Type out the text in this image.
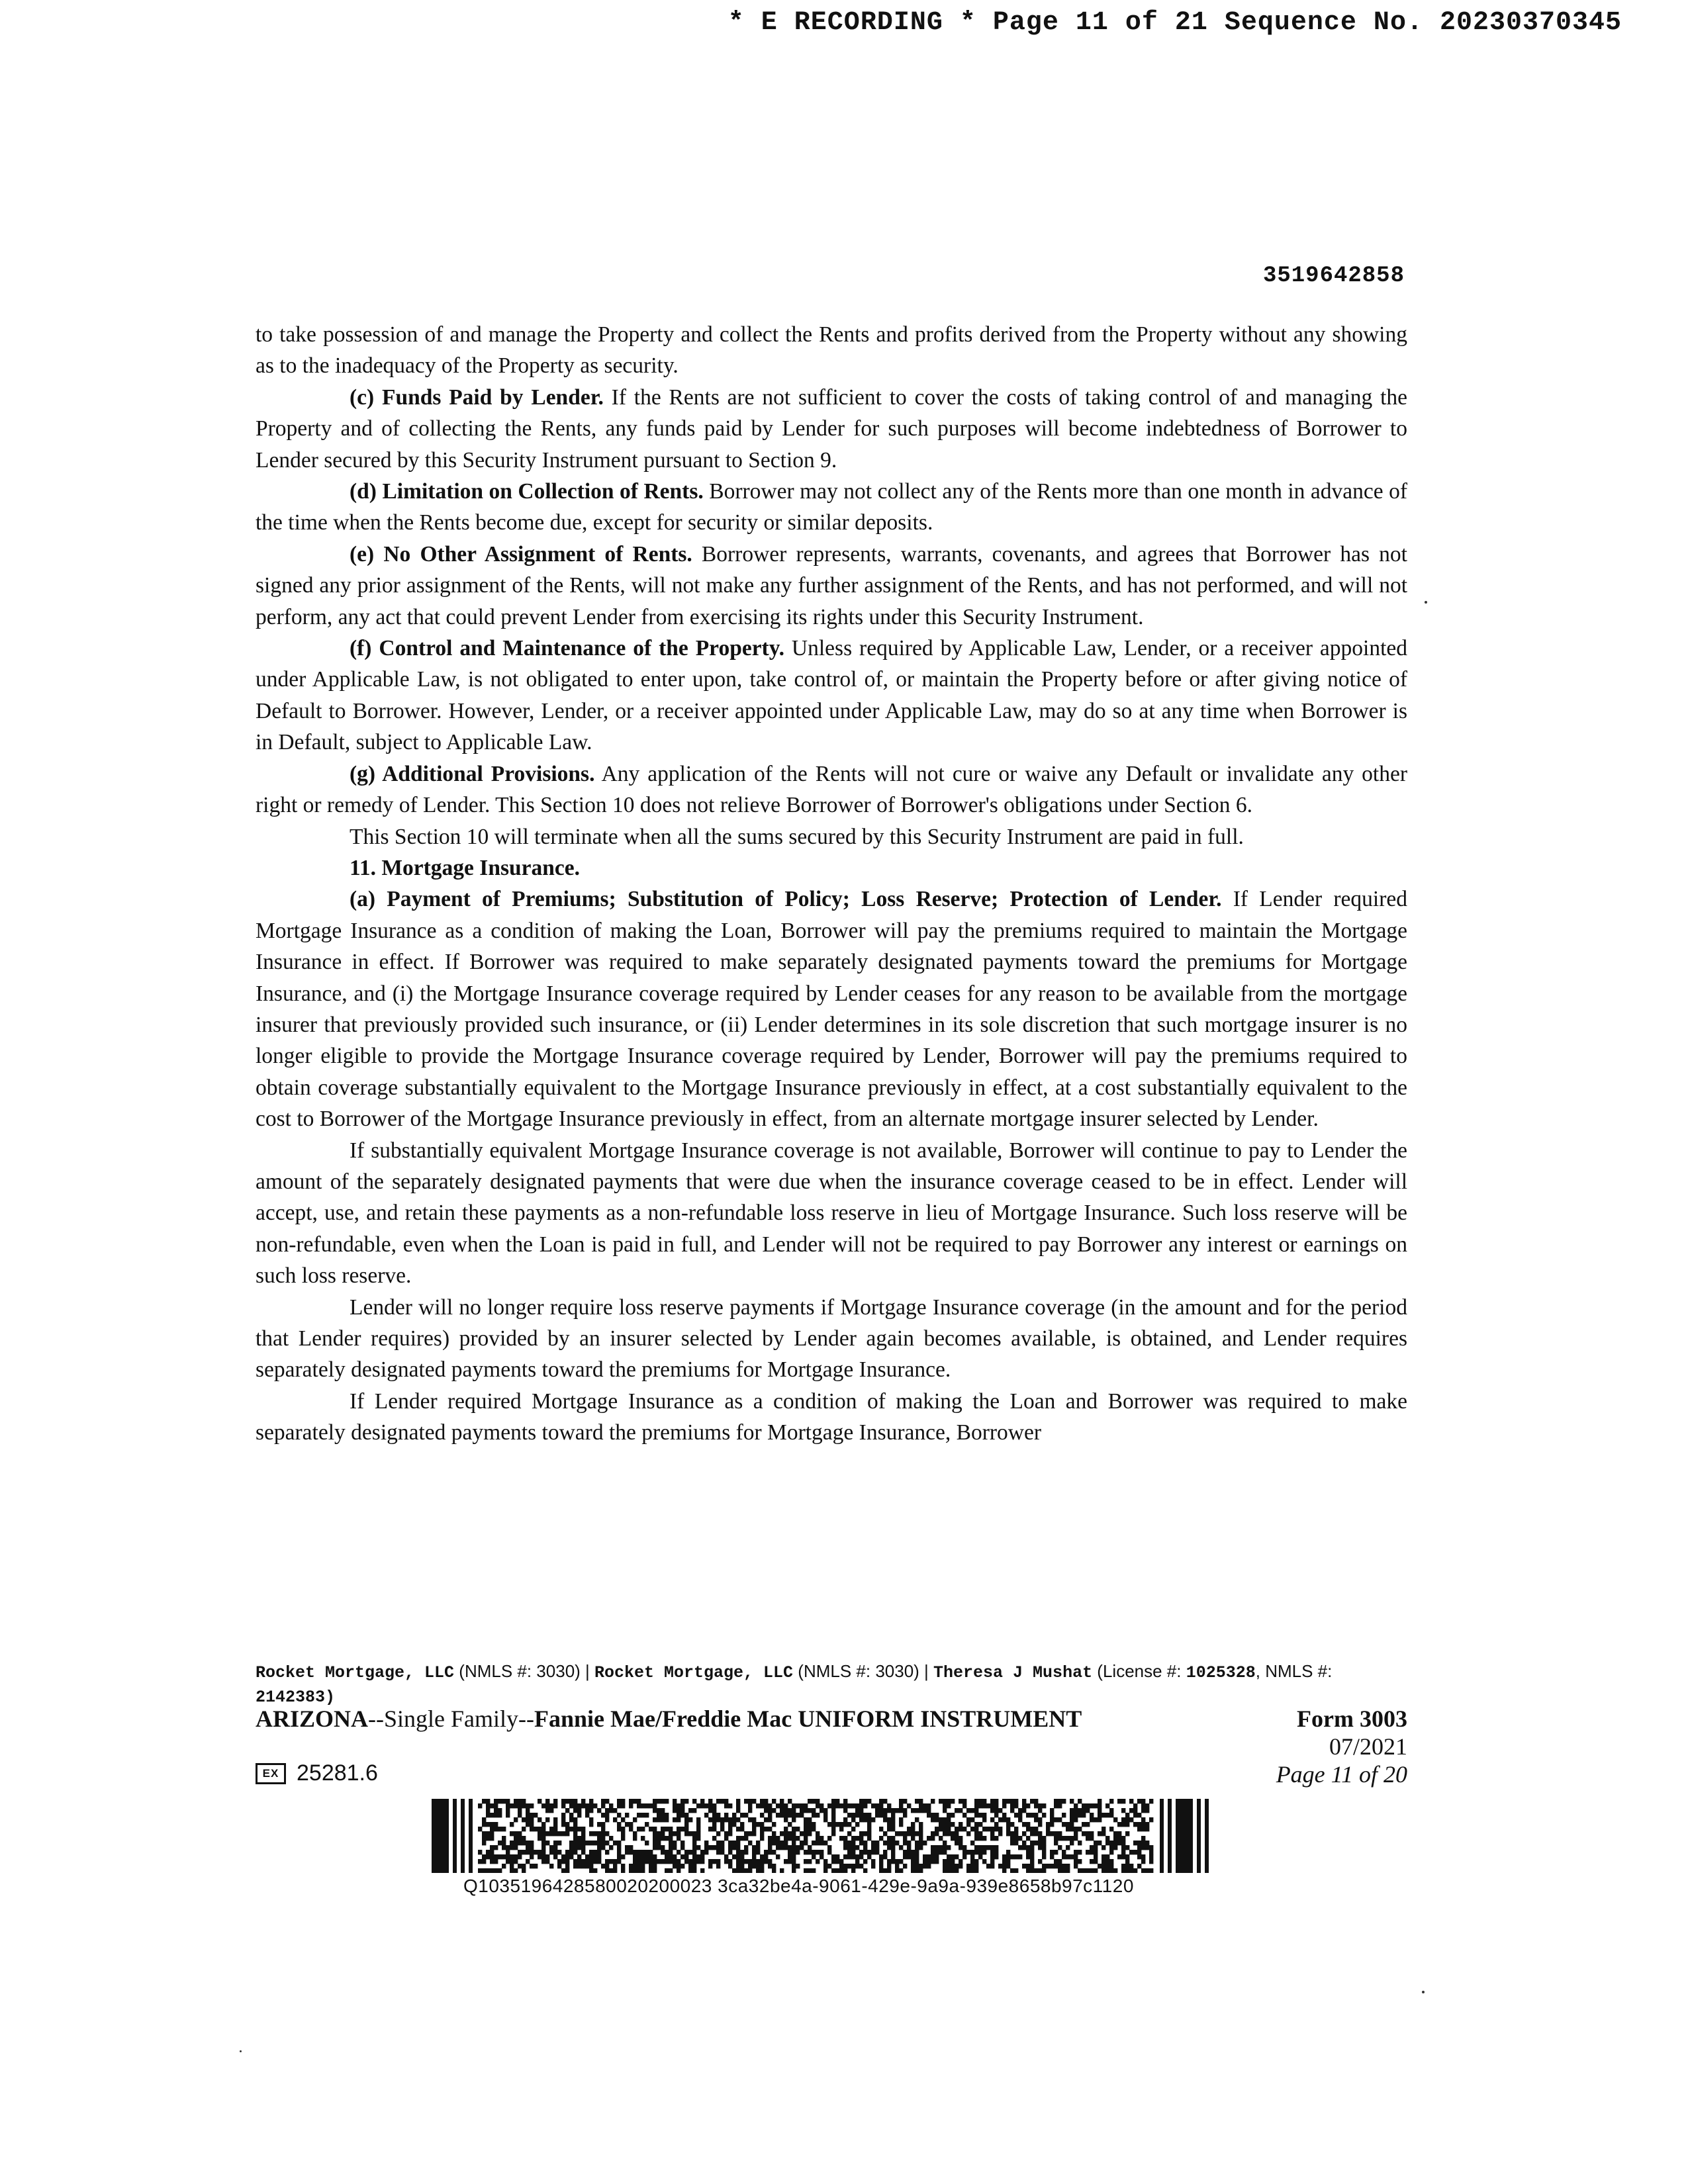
* E RECORDING * Page 11 of 21 Sequence No. 20230370345
3519642858

to take possession of and manage the Property and collect the Rents and profits derived from the Property without any showing as to the inadequacy of the Property as security.

(c) Funds Paid by Lender. If the Rents are not sufficient to cover the costs of taking control of and managing the Property and of collecting the Rents, any funds paid by Lender for such purposes will become indebtedness of Borrower to Lender secured by this Security Instrument pursuant to Section 9.

(d) Limitation on Collection of Rents. Borrower may not collect any of the Rents more than one month in advance of the time when the Rents become due, except for security or similar deposits.

(e) No Other Assignment of Rents. Borrower represents, warrants, covenants, and agrees that Borrower has not signed any prior assignment of the Rents, will not make any further assignment of the Rents, and has not performed, and will not perform, any act that could prevent Lender from exercising its rights under this Security Instrument.

(f) Control and Maintenance of the Property. Unless required by Applicable Law, Lender, or a receiver appointed under Applicable Law, is not obligated to enter upon, take control of, or maintain the Property before or after giving notice of Default to Borrower. However, Lender, or a receiver appointed under Applicable Law, may do so at any time when Borrower is in Default, subject to Applicable Law.

(g) Additional Provisions. Any application of the Rents will not cure or waive any Default or invalidate any other right or remedy of Lender. This Section 10 does not relieve Borrower of Borrower's obligations under Section 6.

This Section 10 will terminate when all the sums secured by this Security Instrument are paid in full.

11. Mortgage Insurance.

(a) Payment of Premiums; Substitution of Policy; Loss Reserve; Protection of Lender. If Lender required Mortgage Insurance as a condition of making the Loan, Borrower will pay the premiums required to maintain the Mortgage Insurance in effect. If Borrower was required to make separately designated payments toward the premiums for Mortgage Insurance, and (i) the Mortgage Insurance coverage required by Lender ceases for any reason to be available from the mortgage insurer that previously provided such insurance, or (ii) Lender determines in its sole discretion that such mortgage insurer is no longer eligible to provide the Mortgage Insurance coverage required by Lender, Borrower will pay the premiums required to obtain coverage substantially equivalent to the Mortgage Insurance previously in effect, at a cost substantially equivalent to the cost to Borrower of the Mortgage Insurance previously in effect, from an alternate mortgage insurer selected by Lender.

If substantially equivalent Mortgage Insurance coverage is not available, Borrower will continue to pay to Lender the amount of the separately designated payments that were due when the insurance coverage ceased to be in effect. Lender will accept, use, and retain these payments as a non-refundable loss reserve in lieu of Mortgage Insurance. Such loss reserve will be non-refundable, even when the Loan is paid in full, and Lender will not be required to pay Borrower any interest or earnings on such loss reserve.

Lender will no longer require loss reserve payments if Mortgage Insurance coverage (in the amount and for the period that Lender requires) provided by an insurer selected by Lender again becomes available, is obtained, and Lender requires separately designated payments toward the premiums for Mortgage Insurance.

If Lender required Mortgage Insurance as a condition of making the Loan and Borrower was required to make separately designated payments toward the premiums for Mortgage Insurance, Borrower

Rocket Mortgage, LLC (NMLS #: 3030) | Rocket Mortgage, LLC (NMLS #: 3030) | Theresa J Mushat (License #: 1025328, NMLS #: 2142383)
ARIZONA--Single Family--Fannie Mae/Freddie Mac UNIFORM INSTRUMENT	Form 3003
07/2021
Page 11 of 20
EX 25281.6
Q1035196428580020200023 3ca32be4a-9061-429e-9a9a-939e8658b97c1120
